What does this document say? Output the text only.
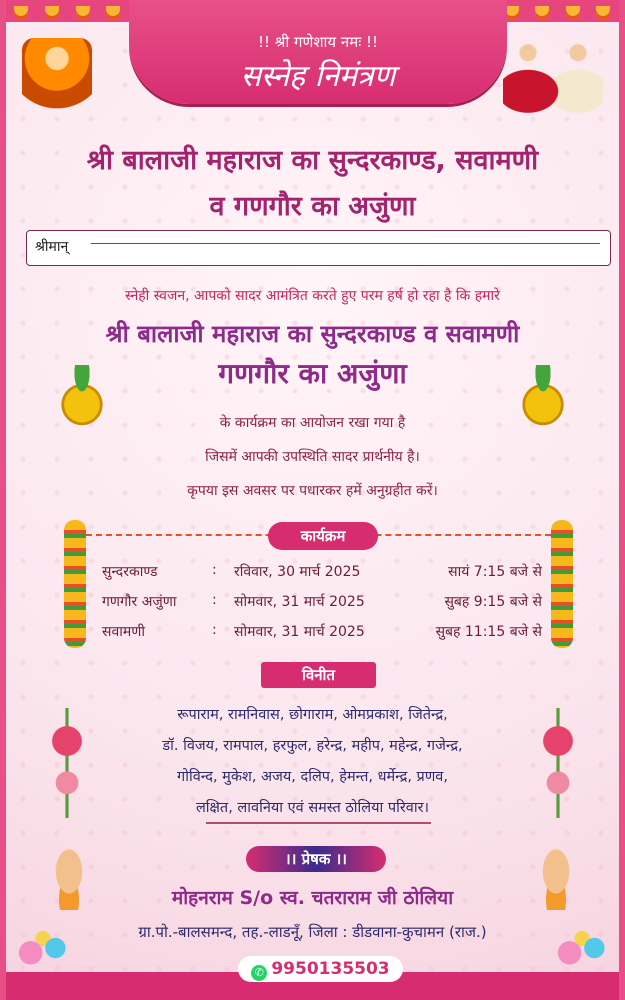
!! श्री गणेशाय नमः !!
सस्नेह निमंत्रण
श्री बालाजी महाराज का सुन्दरकाण्ड, सवामणी
व गणगौर का अजुंणा
श्रीमान्
स्नेही स्वजन, आपको सादर आमंत्रित करते हुए परम हर्ष हो रहा है कि हमारे
श्री बालाजी महाराज का सुन्दरकाण्ड व सवामणी
गणगौर का अजुंणा
के कार्यक्रम का आयोजन रखा गया है
जिसमें आपकी उपस्थिति सादर प्रार्थनीय है।
कृपया इस अवसर पर पधारकर हमें अनुग्रहीत करें।
कार्यक्रम
सुन्दरकाण्ड	: रविवार, 30 मार्च 2025	सायं 7:15 बजे से
गणगौर अजुंणा	: सोमवार, 31 मार्च 2025	सुबह 9:15 बजे से
सवामणी	: सोमवार, 31 मार्च 2025	सुबह 11:15 बजे से
विनीत
रूपाराम, रामनिवास, छोगाराम, ओमप्रकाश, जितेन्द्र,
डॉ. विजय, रामपाल, हरफुल, हरेन्द्र, महीप, महेन्द्र, गजेन्द्र,
गोविन्द, मुकेश, अजय, दलिप, हेमन्त, धर्मेन्द्र, प्रणव,
लक्षित, लावनिया एवं समस्त ठोलिया परिवार।
।। प्रेषक ।।
मोहनराम S/o स्व. चतराराम जी ठोलिया
ग्रा.पो.-बालसमन्द, तह.-लाडनूँ, जिला : डीडवाना-कुचामन (राज.)
✆ 9950135503
